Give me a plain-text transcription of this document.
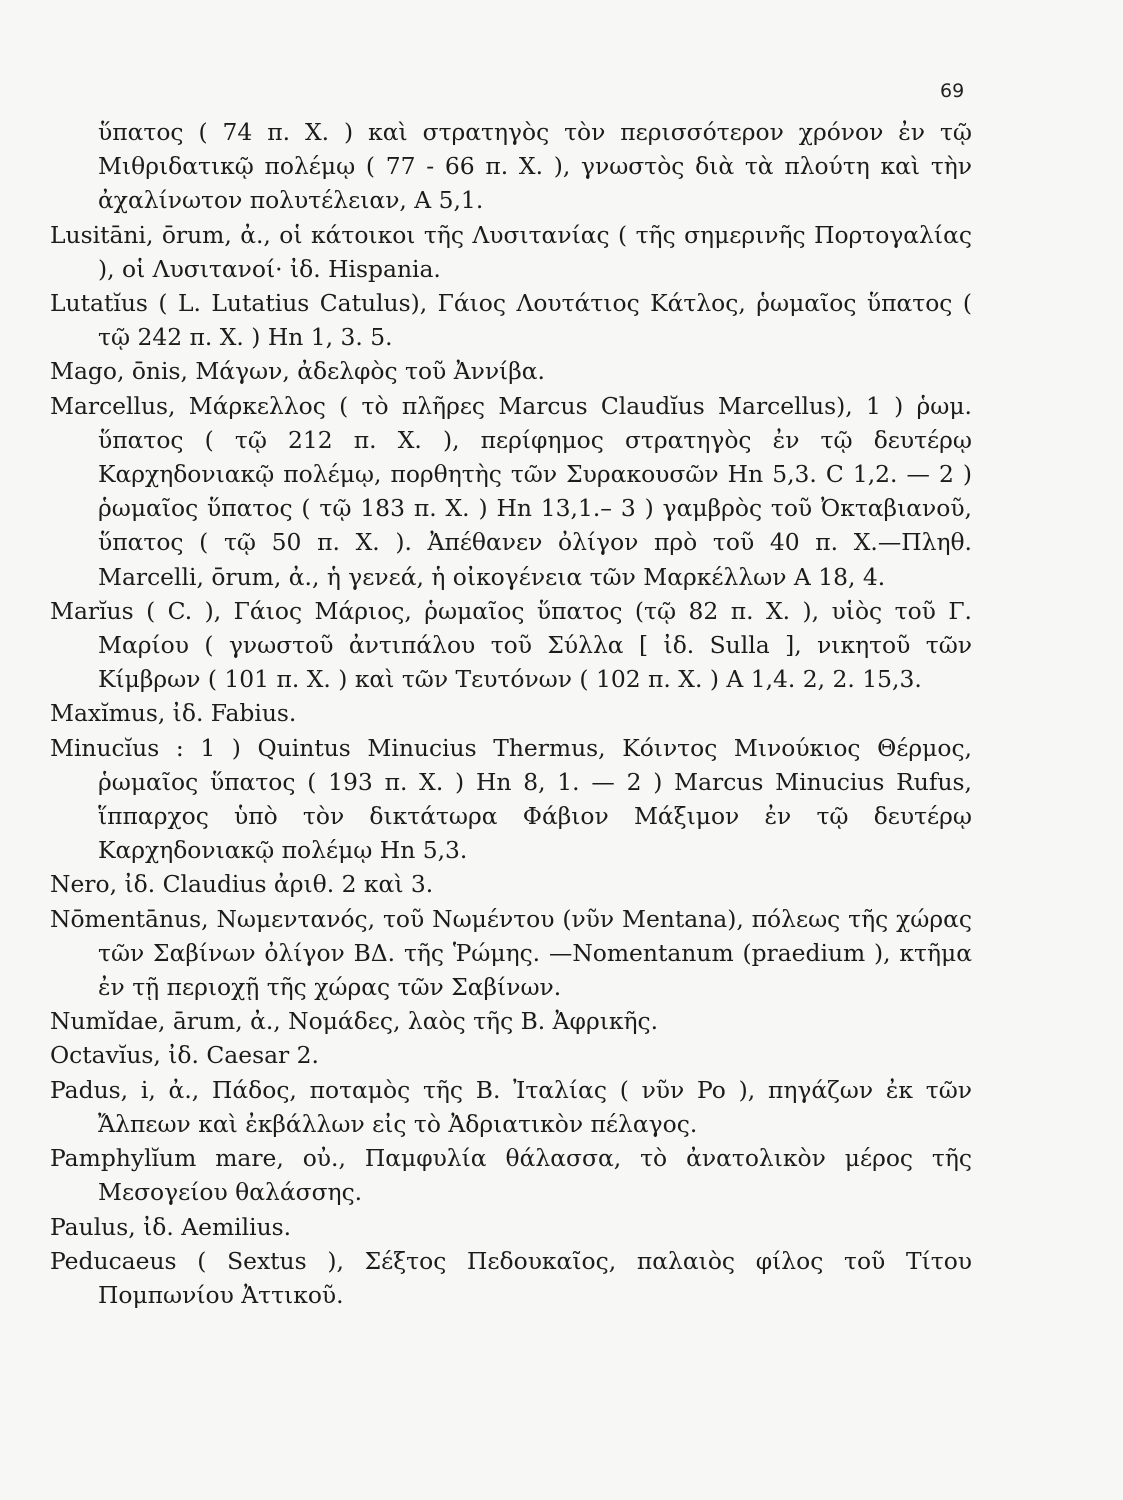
69

ὕπατος ( 74 π. Χ. ) καὶ στρατηγὸς τὸν περισσότερον χρόνον ἐν τῷ Μιθριδατικῷ πολέμῳ ( 77 - 66 π. Χ. ), γνωστὸς διὰ τὰ πλούτη καὶ τὴν ἀχαλίνωτον πολυτέλειαν, Α 5,1.

Lusitāni, ōrum, ἀ., οἱ κάτοικοι τῆς Λυσιτανίας ( τῆς σημερινῆς Πορτογαλίας ), οἱ Λυσιτανοί· ἰδ. Hispania.

Lutatĭus ( L. Lutatius Catulus), Γάιος Λουτάτιος Κάτλος, ῥωμαῖος ὕπατος ( τῷ 242 π. Χ. ) Hn 1, 3. 5.

Mago, ōnis, Μάγων, ἀδελφὸς τοῦ Ἀννίβα.

Marcellus, Μάρκελλος ( τὸ πλῆρες Marcus Claudĭus Marcellus), 1 ) ῥωμ. ὕπατος ( τῷ 212 π. Χ. ), περίφημος στρατηγὸς ἐν τῷ δευτέρῳ Καρχηδονιακῷ πολέμῳ, πορθητὴς τῶν Συρακουσῶν Hn 5,3. C 1,2. — 2 ) ῥωμαῖος ὕπατος ( τῷ 183 π. Χ. ) Hn 13,1.– 3 ) γαμβρὸς τοῦ Ὀκταβιανοῦ, ὕπατος ( τῷ 50 π. Χ. ). Ἀπέθανεν ὀλίγον πρὸ τοῦ 40 π. Χ.—Πληθ. Marcelli, ōrum, ἀ., ἡ γενεά, ἡ οἰκογένεια τῶν Μαρκέλλων Α 18, 4.

Marĭus ( C. ), Γάιος Μάριος, ῥωμαῖος ὕπατος (τῷ 82 π. Χ. ), υἱὸς τοῦ Γ. Μαρίου ( γνωστοῦ ἀντιπάλου τοῦ Σύλλα [ ἰδ. Sulla ], νικητοῦ τῶν Κίμβρων ( 101 π. Χ. ) καὶ τῶν Τευτόνων ( 102 π. Χ. ) Α 1,4. 2, 2. 15,3.

Maxĭmus, ἰδ. Fabius.

Minucĭus : 1 ) Quintus Minucius Thermus, Κόιντος Μινούκιος Θέρμος, ῥωμαῖος ὕπατος ( 193 π. Χ. ) Hn 8, 1. — 2 ) Marcus Minucius Rufus, ἵππαρχος ὑπὸ τὸν δικτάτωρα Φάβιον Μάξιμον ἐν τῷ δευτέρῳ Καρχηδονιακῷ πολέμῳ Hn 5,3.

Nero, ἰδ. Claudius ἀριθ. 2 καὶ 3.

Nōmentānus, Νωμεντανός, τοῦ Νωμέντου (νῦν Mentana), πόλεως τῆς χώρας τῶν Σαβίνων ὀλίγον ΒΔ. τῆς Ῥώμης. —Nomentanum (praedium ), κτῆμα ἐν τῇ περιοχῇ τῆς χώρας τῶν Σαβίνων.

Numĭdae, ārum, ἀ., Νομάδες, λαὸς τῆς Β. Ἀφρικῆς.

Octavĭus, ἰδ. Caesar 2.

Padus, i, ἀ., Πάδος, ποταμὸς τῆς Β. Ἰταλίας ( νῦν Po ), πηγάζων ἐκ τῶν Ἄλπεων καὶ ἐκβάλλων εἰς τὸ Ἀδριατικὸν πέλαγος.

Pamphylĭum mare, οὐ., Παμφυλία θάλασσα, τὸ ἀνατολικὸν μέρος τῆς Μεσογείου θαλάσσης.

Paulus, ἰδ. Aemilius.

Peducaeus ( Sextus ), Σέξτος Πεδουκαῖος, παλαιὸς φίλος τοῦ Τίτου Πομπωνίου Ἀττικοῦ.
